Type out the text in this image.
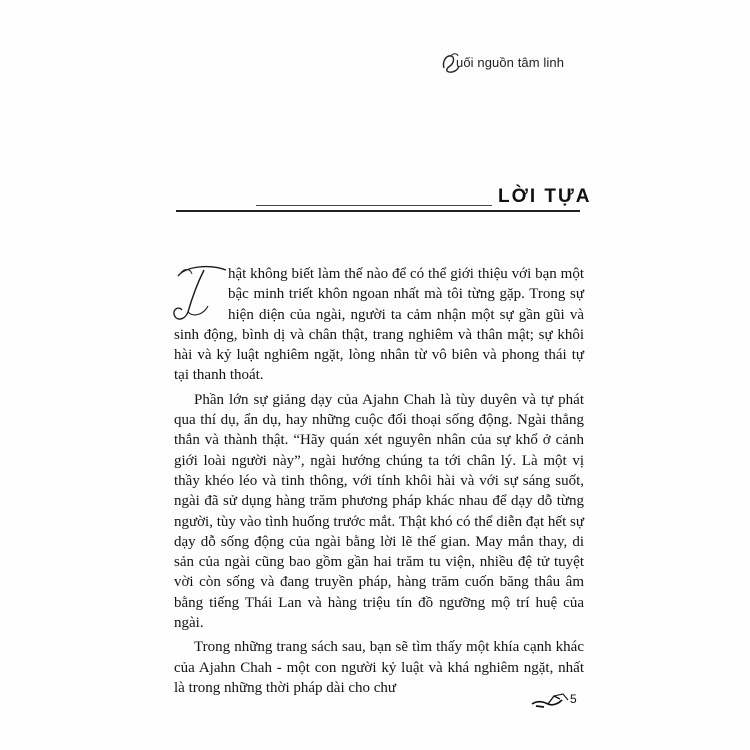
uối nguồn tâm linh
LỜI TỰA

hật không biết làm thế nào để có thể giới thiệu với bạn một bậc minh triết khôn ngoan nhất mà tôi từng gặp. Trong sự hiện diện của ngài, người ta cảm nhận một sự gần gũi và sinh động, bình dị và chân thật, trang nghiêm và thân mật; sự khôi hài và kỷ luật nghiêm ngặt, lòng nhân từ vô biên và phong thái tự tại thanh thoát.

Phần lớn sự giảng dạy của Ajahn Chah là tùy duyên và tự phát qua thí dụ, ẩn dụ, hay những cuộc đối thoại sống động. Ngài thẳng thắn và thành thật. “Hãy quán xét nguyên nhân của sự khổ ở cảnh giới loài người này”, ngài hướng chúng ta tới chân lý. Là một vị thầy khéo léo và tinh thông, với tính khôi hài và với sự sáng suốt, ngài đã sử dụng hàng trăm phương pháp khác nhau để dạy dỗ từng người, tùy vào tình huống trước mắt. Thật khó có thể diễn đạt hết sự dạy dỗ sống động của ngài bằng lời lẽ thế gian. May mắn thay, di sản của ngài cũng bao gồm gần hai trăm tu viện, nhiều đệ tử tuyệt vời còn sống và đang truyền pháp, hàng trăm cuốn băng thâu âm bằng tiếng Thái Lan và hàng triệu tín đồ ngưỡng mộ trí huệ của ngài.

Trong những trang sách sau, bạn sẽ tìm thấy một khía cạnh khác của Ajahn Chah - một con người kỷ luật và khá nghiêm ngặt, nhất là trong những thời pháp dài cho chư

5
